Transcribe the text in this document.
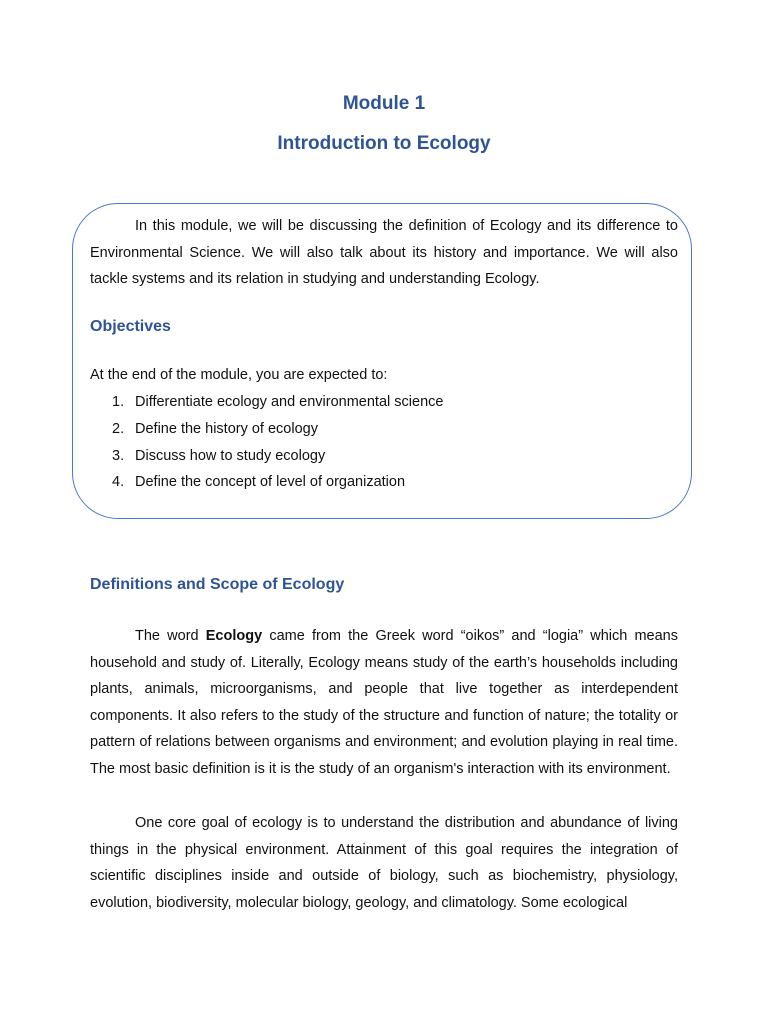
Module 1
Introduction to Ecology

In this module, we will be discussing the definition of Ecology and its difference to Environmental Science. We will also talk about its history and importance. We will also tackle systems and its relation in studying and understanding Ecology.

Objectives

At the end of the module, you are expected to:

1. Differentiate ecology and environmental science
2. Define the history of ecology
3. Discuss how to study ecology
4. Define the concept of level of organization
Definitions and Scope of Ecology

The word Ecology came from the Greek word “oikos” and “logia” which means household and study of. Literally, Ecology means study of the earth’s households including plants, animals, microorganisms, and people that live together as interdependent components. It also refers to the study of the structure and function of nature; the totality or pattern of relations between organisms and environment; and evolution playing in real time. The most basic definition is it is the study of an organism's interaction with its environment.

One core goal of ecology is to understand the distribution and abundance of living things in the physical environment. Attainment of this goal requires the integration of scientific disciplines inside and outside of biology, such as biochemistry, physiology, evolution, biodiversity, molecular biology, geology, and climatology. Some ecological
